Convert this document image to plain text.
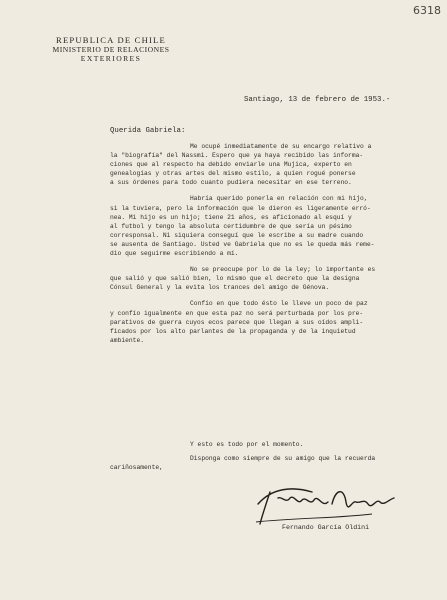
6318
REPUBLICA DE CHILE
MINISTERIO DE RELACIONES
EXTERIORES
Santiago, 13 de febrero de 1953.-
Querida Gabriela:
Me ocupé inmediatamente de su encargo relativo a
la "biografía" del Nassmi. Espero que ya haya recibido las informa-
ciones que al respecto ha debido enviarle una Mujica, experto en
genealogías y otras artes del mismo estilo, a quien rogué ponerse
a sus órdenes para todo cuanto pudiera necesitar en ese terreno.
Habría querido ponerla en relación con mi hijo,
si la tuviera, pero la información que le dieron es ligeramente erró-
nea. Mi hijo es un hijo; tiene 21 años, es aficionado al esquí y
al futbol y tengo la absoluta certidumbre de que sería un pésimo
corresponsal. Ni siquiera conseguí que le escribe a su madre cuando
se ausenta de Santiago. Usted ve Gabriela que no es le queda más reme-
dio que seguirme escribiendo a mí.
No se preocupe por lo de la ley; lo importante es
que salió y que salió bien, lo mismo que el decreto que la designa
Cónsul General y la evita los trances del amigo de Génova.
Confío en que todo ésto le lleve un poco de paz
y confío igualmente en que esta paz no será perturbada por los pre-
parativos de guerra cuyos ecos parece que llegan a sus oídos ampli-
ficados por los alto parlantes de la propaganda y de la inquietud
ambiente.
Y esto es todo por el momento.
Disponga como siempre de su amigo que la recuerda
cariñosamente,
Fernando García Oldini
